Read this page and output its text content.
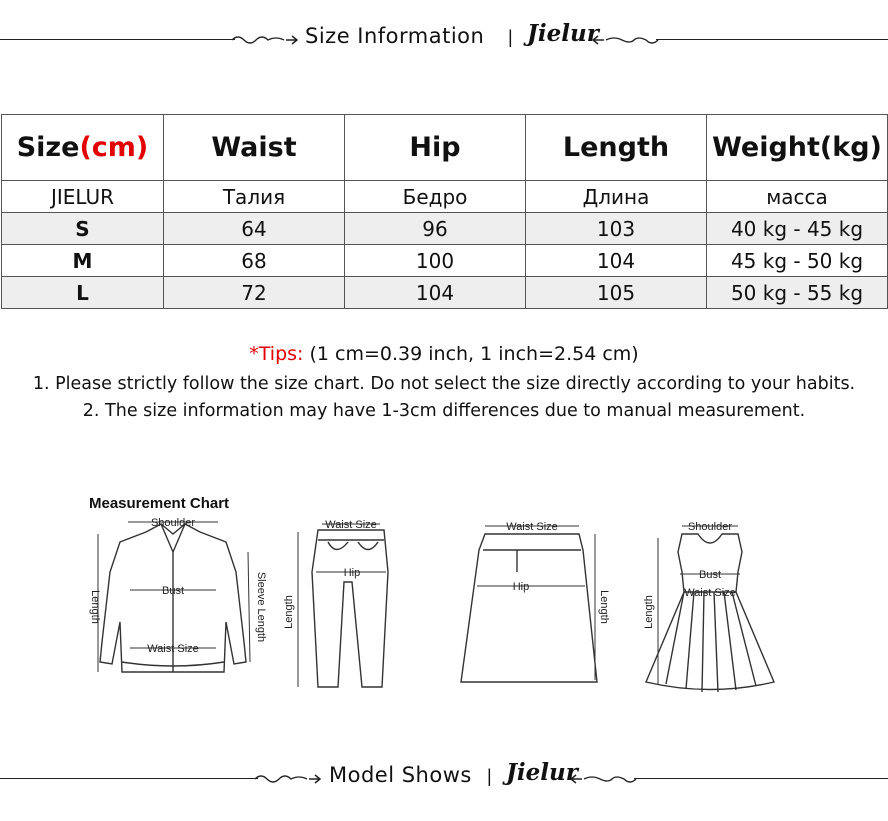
Size Information | Jielur
Size(cm)	Waist	Hip	Length	Weight(kg)
JIELUR	Талия	Бедро	Длина	масса
S	64	96	103	40 kg - 45 kg
M	68	100	104	45 kg - 50 kg
L	72	104	105	50 kg - 55 kg
*Tips: (1 cm=0.39 inch, 1 inch=2.54 cm)
1. Please strictly follow the size chart. Do not select the size directly according to your habits.
2. The size information may have 1-3cm differences due to manual measurement.
Measurement Chart
Shoulder
Bust
Waist Size
Length	Sleeve Length
Waist Size
Hip
Length
Waist Size
Hip
Length
Shoulder
Bust
Waist Size
Length
Model Shows | Jielur
